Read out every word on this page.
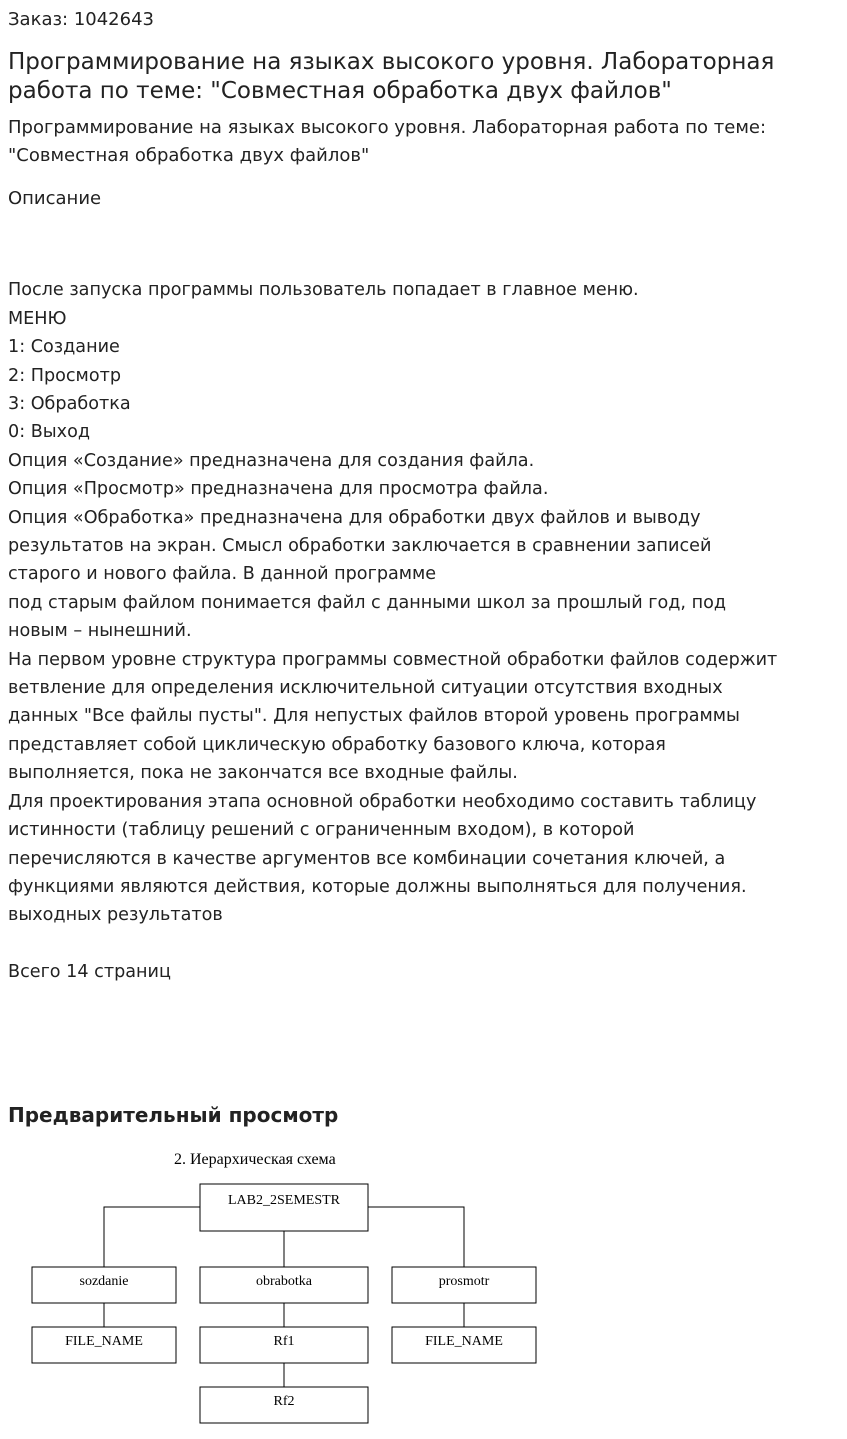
Заказ: 1042643
Программирование на языках высокого уровня. Лабораторная работа по теме: "Совместная обработка двух файлов"

Программирование на языках высокого уровня. Лабораторная работа по теме: "Совместная обработка двух файлов"

Описание
После запуска программы пользователь попадает в главное меню.
МЕНЮ
1: Создание
2: Просмотр
3: Обработка
0: Выход
Опция «Создание» предназначена для создания файла.
Опция «Просмотр» предназначена для просмотра файла.
Опция «Обработка» предназначена для обработки двух файлов и выводу
результатов на экран. Смысл обработки заключается в сравнении записей
старого и нового файла. В данной программе
под старым файлом понимается файл с данными школ за прошлый год, под
новым – нынешний.
На первом уровне структура программы совместной обработки файлов содержит
ветвление для определения исключительной ситуации отсутствия входных
данных "Все файлы пусты". Для непустых файлов второй уровень программы
представляет собой циклическую обработку базового ключа, которая
выполняется, пока не закончатся все входные файлы.
Для проектирования этапа основной обработки необходимо составить таблицу
истинности (таблицу решений с ограниченным входом), в которой
перечисляются в качестве аргументов все комбинации сочетания ключей, а
функциями являются действия, которые должны выполняться для получения.
выходных результатов
Всего 14 страниц
Предварительный просмотр
2. Иерархическая схема
LAB2_2SEMESTR
sozdanie	obrabotka	prosmotr
FILE_NAME	Rf1	FILE_NAME
Rf2
